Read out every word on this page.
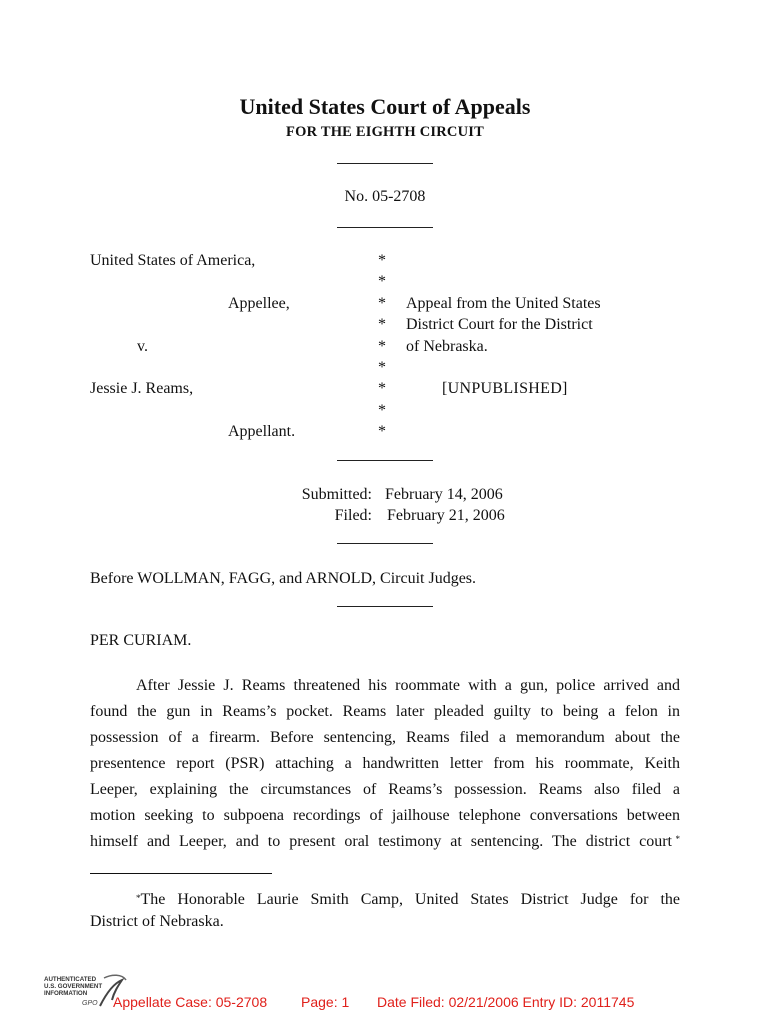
United States Court of Appeals
FOR THE EIGHTH CIRCUIT
No. 05-2708
United States of America,
Appellee,
v.
Jessie J. Reams,
Appellant.
*
*
*
*
*
*
*
*
*
Appeal from the United States
District Court for the District
of Nebraska.
[UNPUBLISHED]
Submitted: February 14, 2006
Filed: February 21, 2006
Before WOLLMAN, FAGG, and ARNOLD, Circuit Judges.
PER CURIAM.
After Jessie J. Reams threatened his roommate with a gun, police arrived and
found the gun in Reams’s pocket. Reams later pleaded guilty to being a felon in
possession of a firearm. Before sentencing, Reams filed a memorandum about the
presentence report (PSR) attaching a handwritten letter from his roommate, Keith
Leeper, explaining the circumstances of Reams’s possession. Reams also filed a
motion seeking to subpoena recordings of jailhouse telephone conversations between
himself and Leeper, and to present oral testimony at sentencing. The district court *
*The Honorable Laurie Smith Camp, United States District Judge for the
District of Nebraska.
AUTHENTICATED
U.S. GOVERNMENT
INFORMATION
GPO Appellate Case: 05-2708 Page: 1 Date Filed: 02/21/2006 Entry ID: 2011745
